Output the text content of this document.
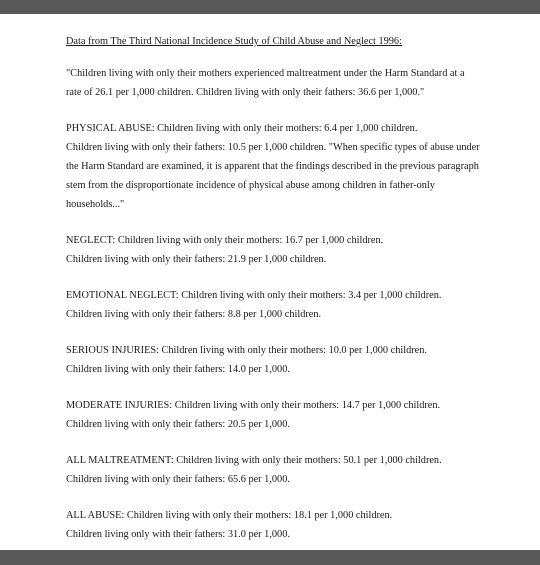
Data from The Third National Incidence Study of Child Abuse and Neglect 1996:
"Children living with only their mothers experienced maltreatment under the Harm Standard at a
rate of 26.1 per 1,000 children. Children living with only their fathers: 36.6 per 1,000."
PHYSICAL ABUSE: Children living with only their mothers: 6.4 per 1,000 children.
Children living with only their fathers: 10.5 per 1,000 children. "When specific types of abuse under
the Harm Standard are examined, it is apparent that the findings described in the previous paragraph
stem from the disproportionate incidence of physical abuse among children in father-only
households..."
NEGLECT: Children living with only their mothers: 16.7 per 1,000 children.
Children living with only their fathers: 21.9 per 1,000 children.
EMOTIONAL NEGLECT: Children living with only their mothers: 3.4 per 1,000 children.
Children living with only their fathers: 8.8 per 1,000 children.
SERIOUS INJURIES: Children living with only their mothers: 10.0 per 1,000 children.
Children living with only their fathers: 14.0 per 1,000.
MODERATE INJURIES: Children living with only their mothers: 14.7 per 1,000 children.
Children living with only their fathers: 20.5 per 1,000.
ALL MALTREATMENT: Children living with only their mothers: 50.1 per 1,000 children.
Children living with only their fathers: 65.6 per 1,000.
ALL ABUSE: Children living with only their mothers: 18.1 per 1,000 children.
Children living only with their fathers: 31.0 per 1,000.
